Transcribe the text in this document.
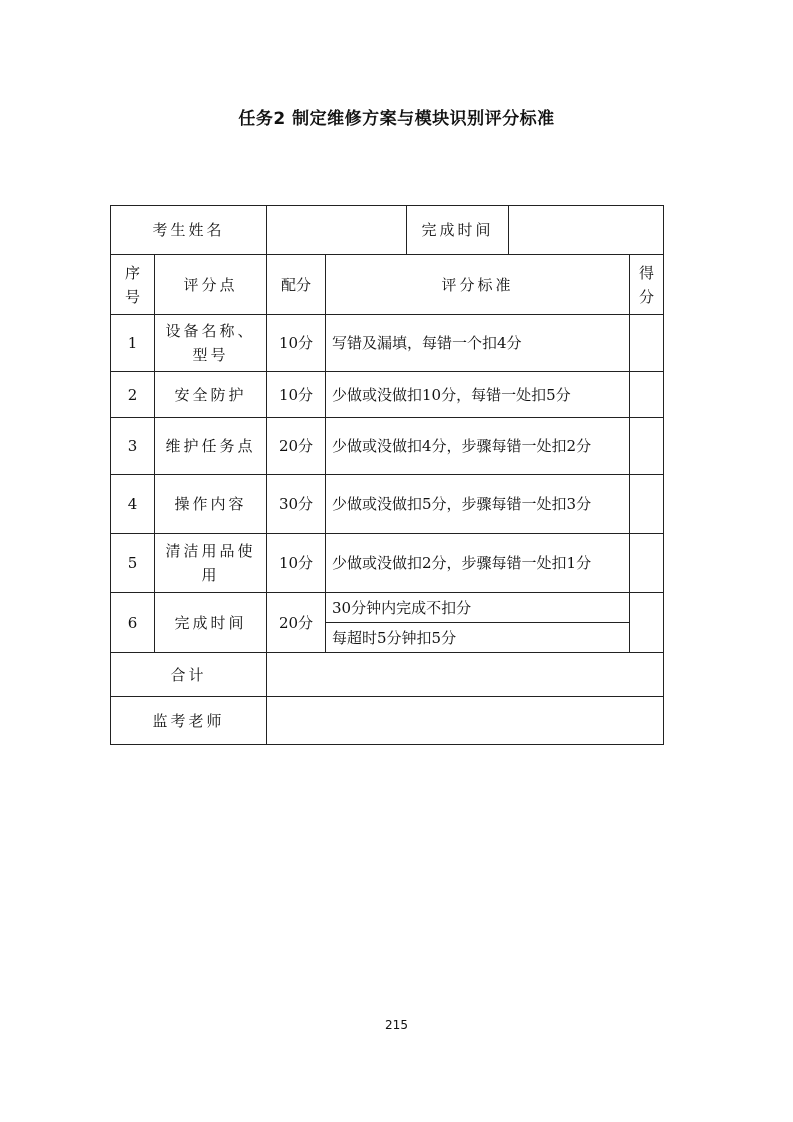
任务2 制定维修方案与模块识别评分标准
考生姓名		完成时间		

序号	评分点	配分	评分标准	得分

1	设备名称、型号	10分	写错及漏填，每错一个扣4分	
2	安全防护	10分	少做或没做扣10分，每错一处扣5分	
3	维护任务点	20分	少做或没做扣4分，步骤每错一处扣2分	
4	操作内容	30分	少做或没做扣5分，步骤每错一处扣3分	
5	清洁用品使用	10分	少做或没做扣2分，步骤每错一处扣1分	
6	完成时间	20分	30分钟内完成不扣分
每超时5分钟扣5分	

合计				
监考老师				
215
